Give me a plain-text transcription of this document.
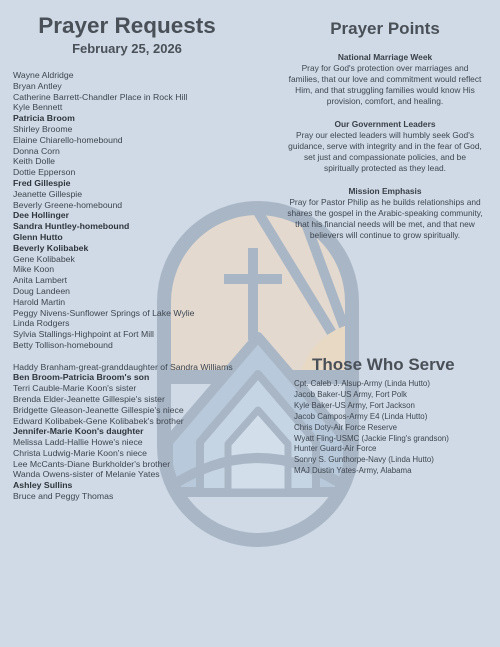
Prayer Requests
February 25, 2026
Wayne Aldridge
Bryan Antley
Catherine Barrett-Chandler Place in Rock Hill
Kyle Bennett
Patricia Broom
Shirley Broome
Elaine Chiarello-homebound
Donna Corn
Keith Dolle
Dottie Epperson
Fred Gillespie
Jeanette Gillespie
Beverly Greene-homebound
Dee Hollinger
Sandra Huntley-homebound
Glenn Hutto
Beverly Kolibabek
Gene Kolibabek
Mike Koon
Anita Lambert
Doug Landeen
Harold Martin
Peggy Nivens-Sunflower Springs of Lake Wylie
Linda Rodgers
Sylvia Stallings-Highpoint at Fort Mill
Betty Tollison-homebound
Haddy Branham-great-granddaughter of Sandra Williams
Ben Broom-Patricia Broom's son
Terri Cauble-Marie Koon's sister
Brenda Elder-Jeanette Gillespie's sister
Bridgette Gleason-Jeanette Gillespie's niece
Edward Kolibabek-Gene Kolibabek's brother
Jennifer-Marie Koon's daughter
Melissa Ladd-Hallie Howe's niece
Christa Ludwig-Marie Koon's niece
Lee McCants-Diane Burkholder's brother
Wanda Owens-sister of Melanie Yates
Ashley Sullins
Bruce and Peggy Thomas
Prayer Points
National Marriage Week
Pray for God's protection over marriages and families, that our love and commitment would reflect Him, and that struggling families would know His provision, comfort, and healing.
Our Government Leaders
Pray our elected leaders will humbly seek God's guidance, serve with integrity and in the fear of God, set just and compassionate policies, and be spiritually protected as they lead.
Mission Emphasis
Pray for Pastor Philip as he builds relationships and shares the gospel in the Arabic-speaking community, that his financial needs will be met, and that new believers will continue to grow spiritually.
Those Who Serve
Cpt. Caleb J. Alsup-Army (Linda Hutto)
Jacob Baker-US Army, Fort Polk
Kyle Baker-US Army, Fort Jackson
Jacob Campos-Army E4 (Linda Hutto)
Chris Doty-Air Force Reserve
Wyatt Fling-USMC (Jackie Fling's grandson)
Hunter Guard-Air Force
Sonny S. Gunthorpe-Navy (Linda Hutto)
MAJ Dustin Yates-Army, Alabama
